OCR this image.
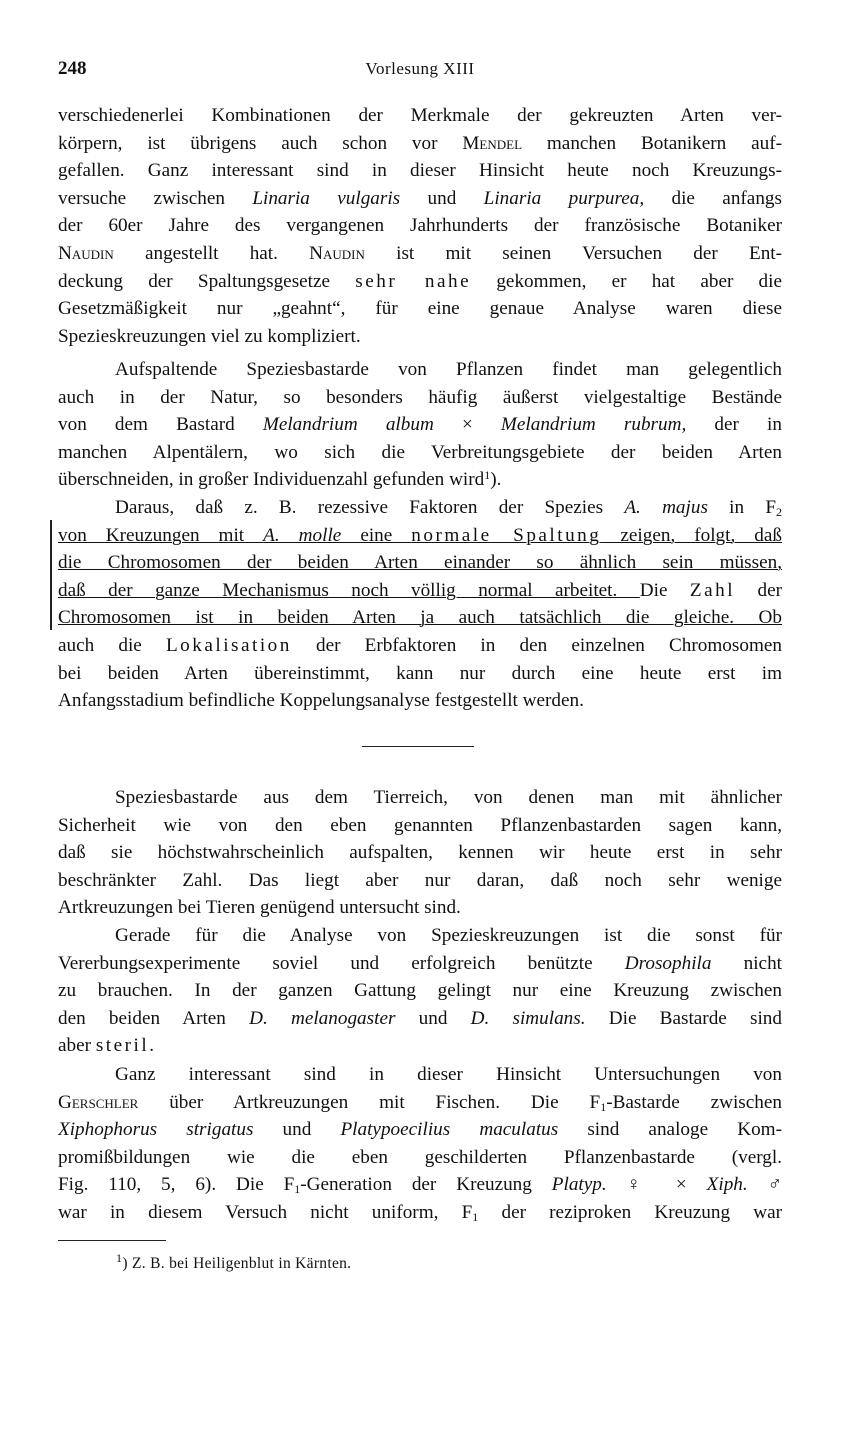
248	Vorlesung XIII
verschiedenerlei Kombinationen der Merkmale der gekreuzten Arten ver-
körpern, ist übrigens auch schon vor Mendel manchen Botanikern auf-
gefallen. Ganz interessant sind in dieser Hinsicht heute noch Kreuzungs-
versuche zwischen Linaria vulgaris und Linaria purpurea, die anfangs
der 60er Jahre des vergangenen Jahrhunderts der französische Botaniker
Naudin angestellt hat. Naudin ist mit seinen Versuchen der Ent-
deckung der Spaltungsgesetze sehr nahe gekommen, er hat aber die
Gesetzmäßigkeit nur „geahnt“, für eine genaue Analyse waren diese
Spezieskreuzungen viel zu kompliziert.
Aufspaltende Speziesbastarde von Pflanzen findet man gelegentlich
auch in der Natur, so besonders häufig äußerst vielgestaltige Bestände
von dem Bastard Melandrium album × Melandrium rubrum, der in
manchen Alpentälern, wo sich die Verbreitungsgebiete der beiden Arten
überschneiden, in großer Individuenzahl gefunden wird$^1$).
Daraus, daß z. B. rezessive Faktoren der Spezies A. majus in $F_2$
von Kreuzungen mit A. molle eine normale Spaltung zeigen, folgt, daß
die Chromosomen der beiden Arten einander so ähnlich sein müssen,
daß der ganze Mechanismus noch völlig normal arbeitet. Die Zahl der
Chromosomen ist in beiden Arten ja auch tatsächlich die gleiche. Ob
auch die Lokalisation der Erbfaktoren in den einzelnen Chromosomen
bei beiden Arten übereinstimmt, kann nur durch eine heute erst im
Anfangsstadium befindliche Koppelungsanalyse festgestellt werden.
Speziesbastarde aus dem Tierreich, von denen man mit ähnlicher
Sicherheit wie von den eben genannten Pflanzenbastarden sagen kann,
daß sie höchstwahrscheinlich aufspalten, kennen wir heute erst in sehr
beschränkter Zahl. Das liegt aber nur daran, daß noch sehr wenige
Artkreuzungen bei Tieren genügend untersucht sind.
Gerade für die Analyse von Spezieskreuzungen ist die sonst für
Vererbungsexperimente soviel und erfolgreich benützte Drosophila nicht
zu brauchen. In der ganzen Gattung gelingt nur eine Kreuzung zwischen
den beiden Arten D. melanogaster und D. simulans. Die Bastarde sind
aber steril.
Ganz interessant sind in dieser Hinsicht Untersuchungen von
Gerschler über Artkreuzungen mit Fischen. Die $F_1$-Bastarde zwischen
Xiphophorus strigatus und Platypoecilius maculatus sind analoge Kom-
promißbildungen wie die eben geschilderten Pflanzenbastarde (vergl.
Fig. 110, 5, 6). Die $F_1$-Generation der Kreuzung Platyp. ♀ × Xiph. ♂
war in diesem Versuch nicht uniform, $F_1$ der reziproken Kreuzung war
$^1$) Z. B. bei Heiligenblut in Kärnten.
